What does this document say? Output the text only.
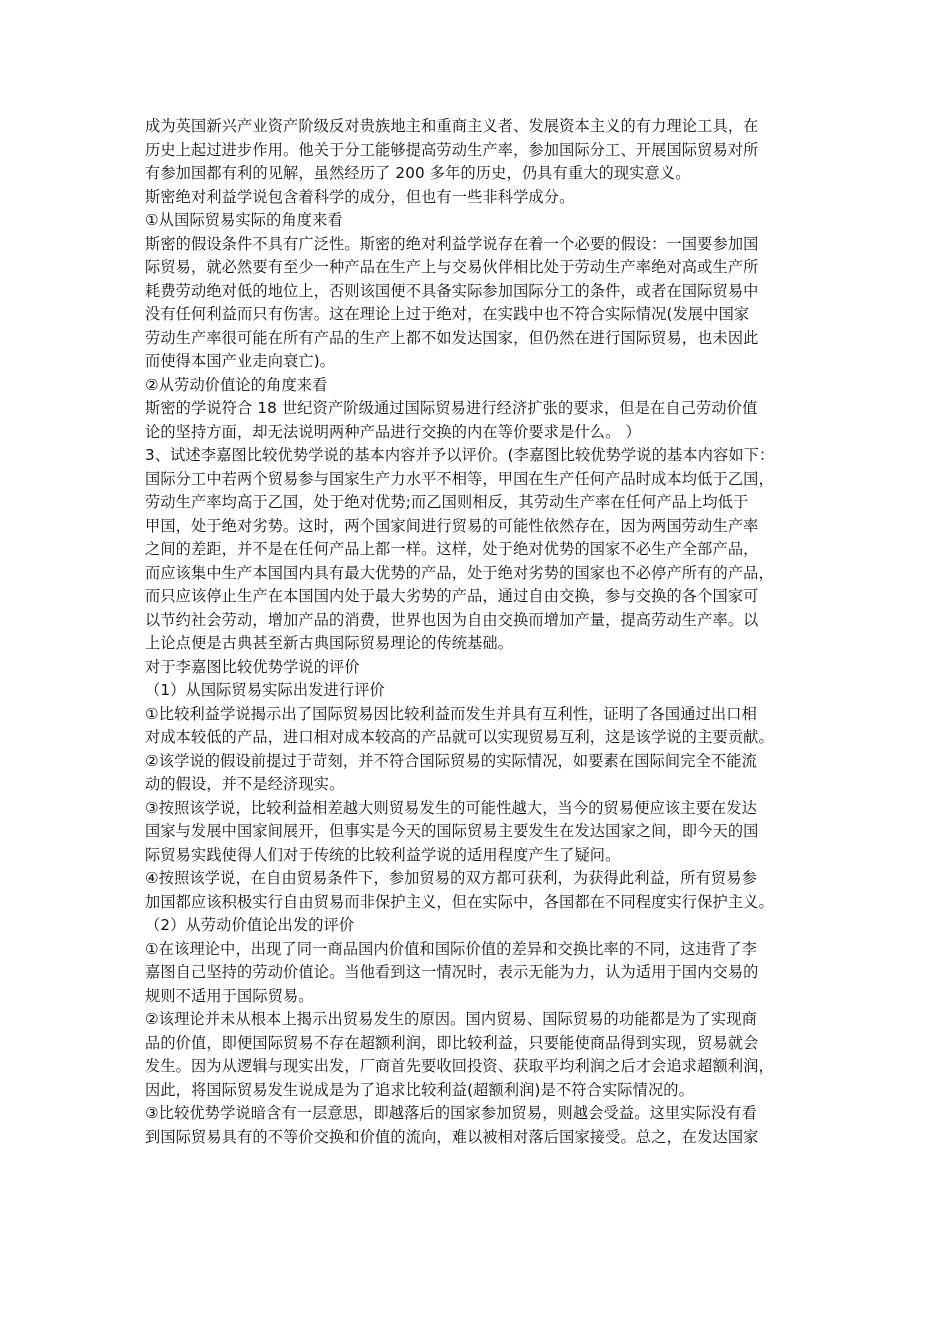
成为英国新兴产业资产阶级反对贵族地主和重商主义者、发展资本主义的有力理论工具，在
历史上起过进步作用。他关于分工能够提高劳动生产率，参加国际分工、开展国际贸易对所
有参加国都有利的见解，虽然经历了 200 多年的历史，仍具有重大的现实意义。
斯密绝对利益学说包含着科学的成分，但也有一些非科学成分。
①从国际贸易实际的角度来看
斯密的假设条件不具有广泛性。斯密的绝对利益学说存在着一个必要的假设：一国要参加国
际贸易，就必然要有至少一种产品在生产上与交易伙伴相比处于劳动生产率绝对高或生产所
耗费劳动绝对低的地位上，否则该国便不具备实际参加国际分工的条件，或者在国际贸易中
没有任何利益而只有伤害。这在理论上过于绝对，在实践中也不符合实际情况(发展中国家
劳动生产率很可能在所有产品的生产上都不如发达国家，但仍然在进行国际贸易，也未因此
而使得本国产业走向衰亡)。
②从劳动价值论的角度来看
斯密的学说符合 18 世纪资产阶级通过国际贸易进行经济扩张的要求，但是在自己劳动价值
论的坚持方面，却无法说明两种产品进行交换的内在等价要求是什么。 ）
3、试述李嘉图比较优势学说的基本内容并予以评价。(李嘉图比较优势学说的基本内容如下：
国际分工中若两个贸易参与国家生产力水平不相等，甲国在生产任何产品时成本均低于乙国，
劳动生产率均高于乙国，处于绝对优势;而乙国则相反，其劳动生产率在任何产品上均低于
甲国，处于绝对劣势。这时，两个国家间进行贸易的可能性依然存在，因为两国劳动生产率
之间的差距，并不是在任何产品上都一样。这样，处于绝对优势的国家不必生产全部产品，
而应该集中生产本国国内具有最大优势的产品，处于绝对劣势的国家也不必停产所有的产品，
而只应该停止生产在本国国内处于最大劣势的产品，通过自由交换，参与交换的各个国家可
以节约社会劳动，增加产品的消费，世界也因为自由交换而增加产量，提高劳动生产率。以
上论点便是古典甚至新古典国际贸易理论的传统基础。
对于李嘉图比较优势学说的评价
（1）从国际贸易实际出发进行评价
①比较利益学说揭示出了国际贸易因比较利益而发生并具有互利性，证明了各国通过出口相
对成本较低的产品，进口相对成本较高的产品就可以实现贸易互利，这是该学说的主要贡献。
②该学说的假设前提过于苛刻，并不符合国际贸易的实际情况，如要素在国际间完全不能流
动的假设，并不是经济现实。
③按照该学说，比较利益相差越大则贸易发生的可能性越大，当今的贸易便应该主要在发达
国家与发展中国家间展开，但事实是今天的国际贸易主要发生在发达国家之间，即今天的国
际贸易实践使得人们对于传统的比较利益学说的适用程度产生了疑问。
④按照该学说，在自由贸易条件下，参加贸易的双方都可获利，为获得此利益，所有贸易参
加国都应该积极实行自由贸易而非保护主义，但在实际中，各国都在不同程度实行保护主义。
（2）从劳动价值论出发的评价
①在该理论中，出现了同一商品国内价值和国际价值的差异和交换比率的不同，这违背了李
嘉图自己坚持的劳动价值论。当他看到这一情况时，表示无能为力，认为适用于国内交易的
规则不适用于国际贸易。
②该理论并未从根本上揭示出贸易发生的原因。国内贸易、国际贸易的功能都是为了实现商
品的价值，即便国际贸易不存在超额利润，即比较利益，只要能使商品得到实现，贸易就会
发生。因为从逻辑与现实出发，厂商首先要收回投资、获取平均利润之后才会追求超额利润，
因此，将国际贸易发生说成是为了追求比较利益(超额利润)是不符合实际情况的。
③比较优势学说暗含有一层意思，即越落后的国家参加贸易，则越会受益。这里实际没有看
到国际贸易具有的不等价交换和价值的流向，难以被相对落后国家接受。总之，在发达国家
